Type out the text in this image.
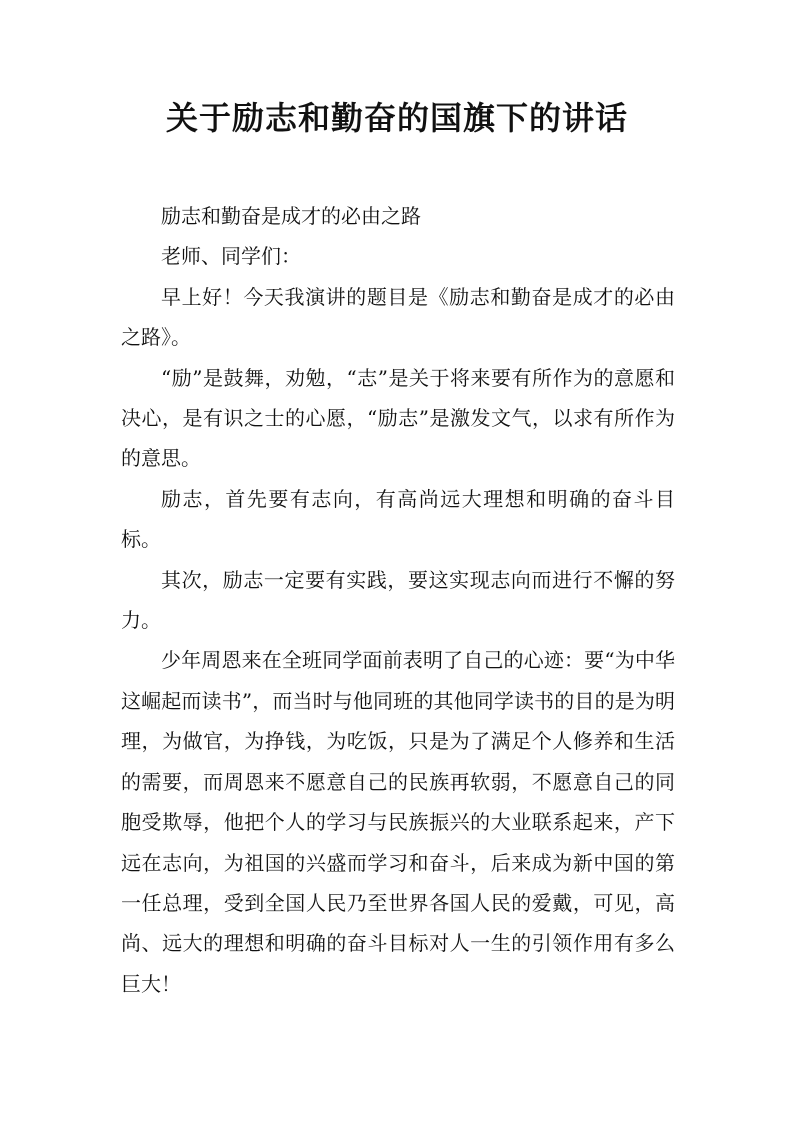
关于励志和勤奋的国旗下的讲话

励志和勤奋是成才的必由之路

老师、同学们：

早上好！今天我演讲的题目是《励志和勤奋是成才的必由之路》。

“励”是鼓舞，劝勉，“志”是关于将来要有所作为的意愿和决心，是有识之士的心愿，“励志”是激发文气，以求有所作为的意思。

励志，首先要有志向，有高尚远大理想和明确的奋斗目标。

其次，励志一定要有实践，要这实现志向而进行不懈的努力。

少年周恩来在全班同学面前表明了自己的心迹：要“为中华这崛起而读书”，而当时与他同班的其他同学读书的目的是为明理，为做官，为挣钱，为吃饭，只是为了满足个人修养和生活的需要，而周恩来不愿意自己的民族再软弱，不愿意自己的同胞受欺辱，他把个人的学习与民族振兴的大业联系起来，产下远在志向，为祖国的兴盛而学习和奋斗，后来成为新中国的第一任总理，受到全国人民乃至世界各国人民的爱戴，可见，高尚、远大的理想和明确的奋斗目标对人一生的引领作用有多么巨大！
